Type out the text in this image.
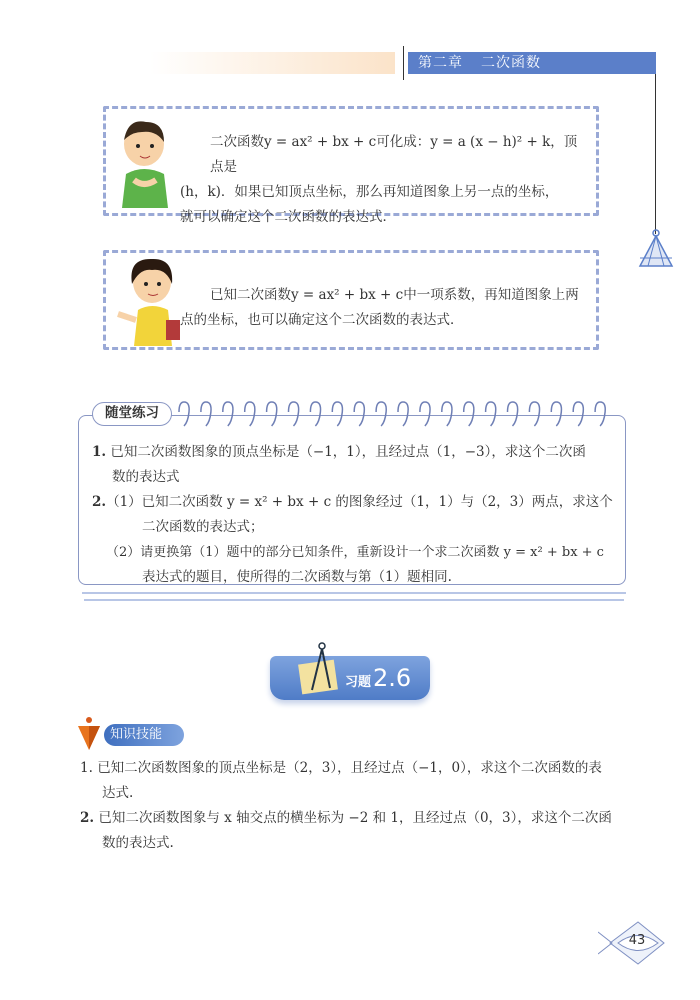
第二章 二次函数
二次函数y = ax² + bx + c可化成：y = a (x − h)² + k，顶点是
(h，k)．如果已知顶点坐标，那么再知道图象上另一点的坐标，
就可以确定这个二次函数的表达式．
已知二次函数y = ax² + bx + c中一项系数，再知道图象上两
点的坐标，也可以确定这个二次函数的表达式．
随堂练习
1. 已知二次函数图象的顶点坐标是（−1，1），且经过点（1，−3），求这个二次函
数的表达式
2.（1）已知二次函数 y = x² + bx + c 的图象经过（1，1）与（2，3）两点，求这个
二次函数的表达式；
（2）请更换第（1）题中的部分已知条件，重新设计一个求二次函数 y = x² + bx + c
表达式的题目，使所得的二次函数与第（1）题相同.
习题2.6
知识技能
1. 已知二次函数图象的顶点坐标是（2，3），且经过点（−1，0），求这个二次函数的表
达式.
2. 已知二次函数图象与 x 轴交点的横坐标为 −2 和 1，且经过点（0，3），求这个二次函
数的表达式.
43
